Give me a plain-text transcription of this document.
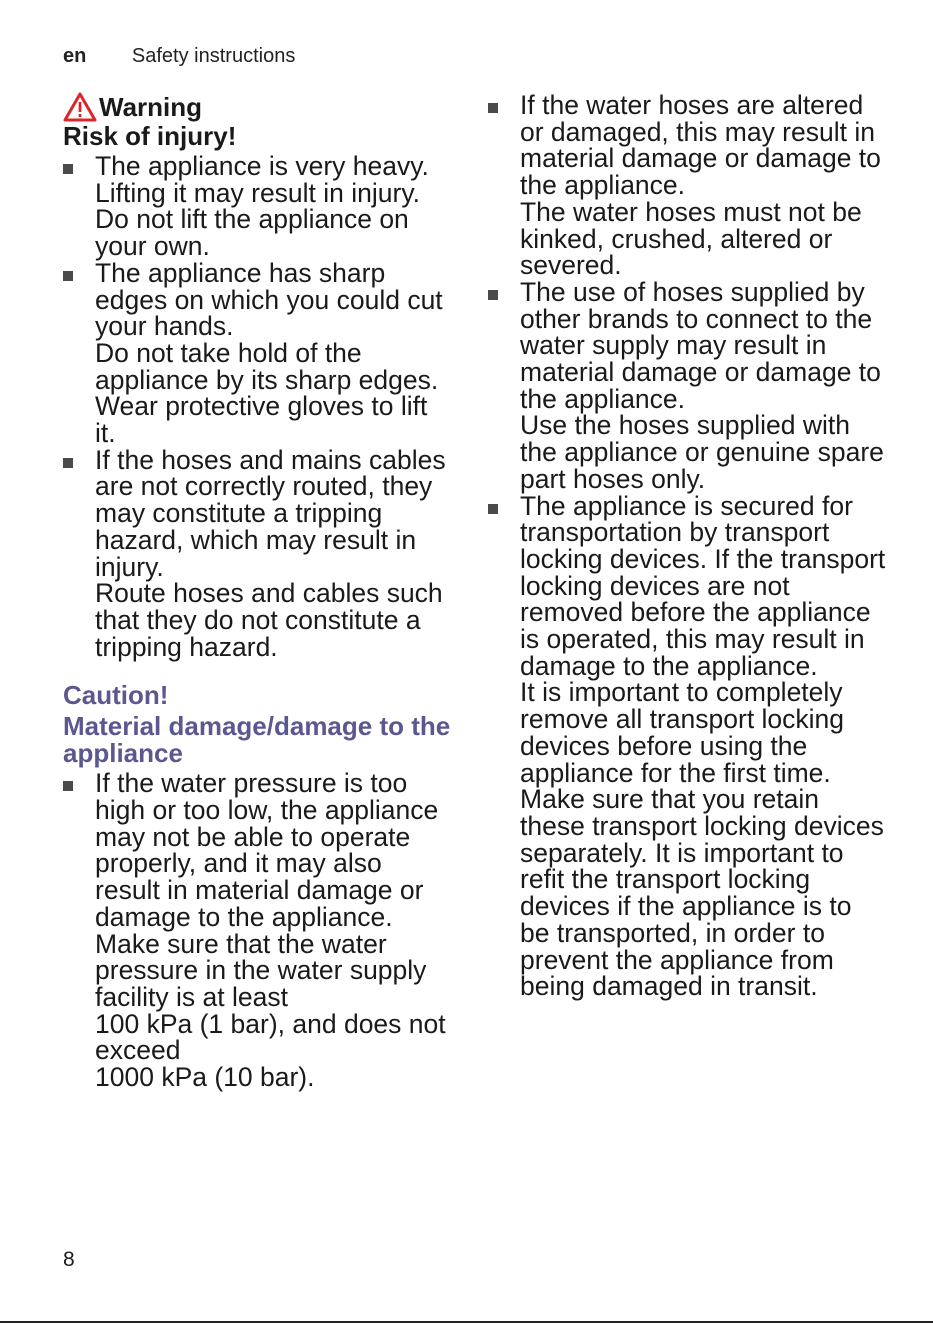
en Safety instructions
Warning
Risk of injury!
The appliance is very heavy. Lifting it may result in injury. Do not lift the appliance on your own.
The appliance has sharp edges on which you could cut your hands.
Do not take hold of the appliance by its sharp edges. Wear protective gloves to lift it.
If the hoses and mains cables are not correctly routed, they may constitute a tripping hazard, which may result in injury.
Route hoses and cables such that they do not constitute a tripping hazard.
Caution!
Material damage/damage to the appliance
If the water pressure is too high or too low, the appliance may not be able to operate properly, and it may also result in material damage or damage to the appliance.
Make sure that the water pressure in the water supply facility is at least
100 kPa (1 bar), and does not exceed
1000 kPa (10 bar).
If the water hoses are altered or damaged, this may result in material damage or damage to the appliance.
The water hoses must not be kinked, crushed, altered or severed.
The use of hoses supplied by other brands to connect to the water supply may result in material damage or damage to the appliance.
Use the hoses supplied with the appliance or genuine spare part hoses only.
The appliance is secured for transportation by transport locking devices. If the transport locking devices are not removed before the appliance is operated, this may result in damage to the appliance.
It is important to completely remove all transport locking devices before using the appliance for the first time. Make sure that you retain these transport locking devices separately. It is important to refit the transport locking devices if the appliance is to be transported, in order to prevent the appliance from being damaged in transit.
8
